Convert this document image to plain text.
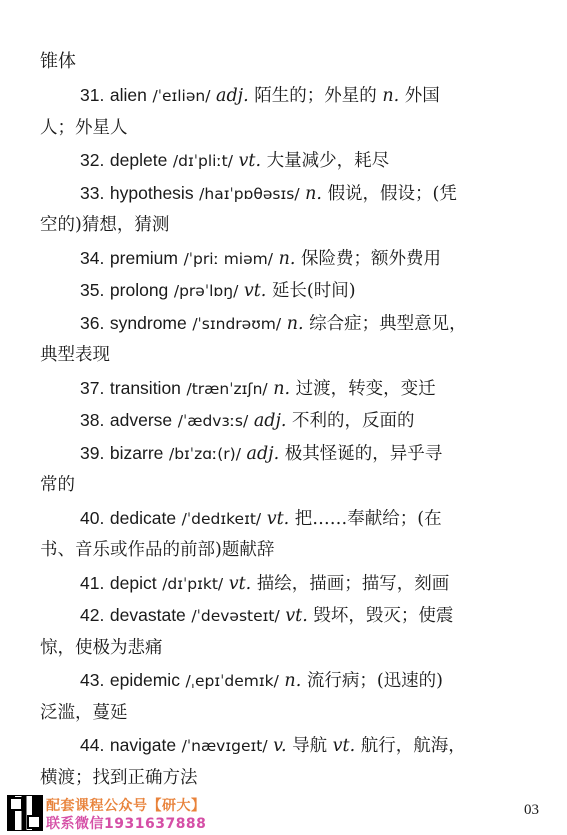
锥体
31. alien /ˈeɪliən/ adj. 陌生的；外星的 n. 外国
人；外星人
32. deplete /dɪˈpliːt/ vt. 大量减少，耗尽
33. hypothesis /haɪˈpɒθəsɪs/ n. 假说，假设；(凭
空的)猜想，猜测
34. premium /ˈpriː miəm/ n. 保险费；额外费用
35. prolong /prəˈlɒŋ/ vt. 延长(时间)
36. syndrome /ˈsɪndrəʊm/ n. 综合症；典型意见，
典型表现
37. transition /trænˈzɪʃn/ n. 过渡，转变，变迁
38. adverse /ˈædvɜːs/ adj. 不利的，反面的
39. bizarre /bɪˈzɑː(r)/ adj. 极其怪诞的，异乎寻
常的
40. dedicate /ˈdedɪkeɪt/ vt. 把……奉献给；(在
书、音乐或作品的前部)题献辞
41. depict /dɪˈpɪkt/ vt. 描绘，描画；描写，刻画
42. devastate /ˈdevəsteɪt/ vt. 毁坏，毁灭；使震
惊，使极为悲痛
43. epidemic /ˌepɪˈdemɪk/ n. 流行病；(迅速的)
泛滥，蔓延
44. navigate /ˈnævɪgeɪt/ v. 导航 vt. 航行，航海，
横渡；找到正确方法
配套课程公众号【研大】
联系微信1931637888
03
